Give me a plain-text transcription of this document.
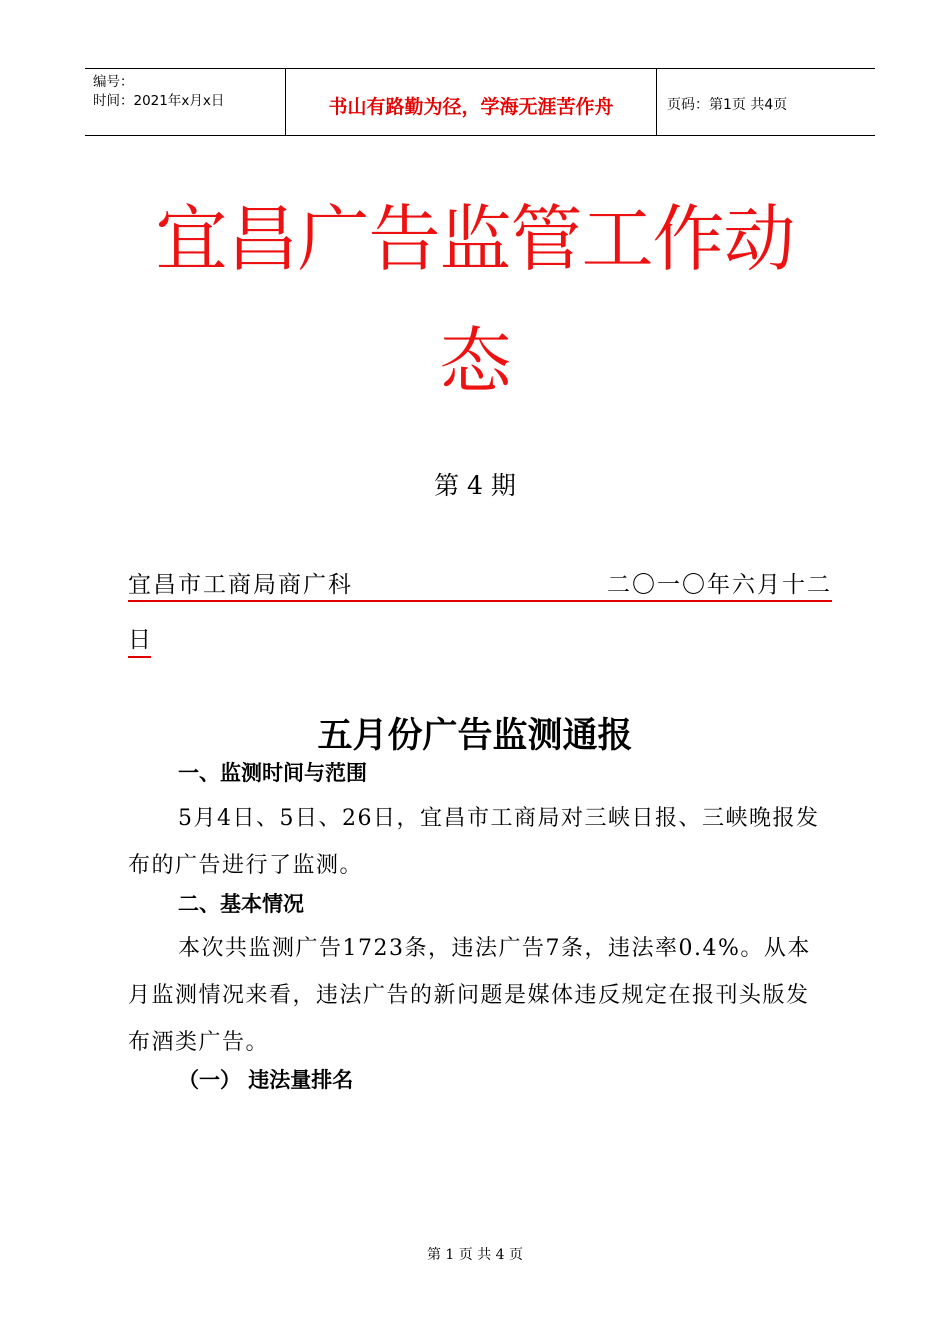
编号：
时间：2021年x月x日	书山有路勤为径，学海无涯苦作舟	页码：第1页 共4页
宜昌广告监管工作动
态
第 4 期
宜昌市工商局商广科	二〇一〇年六月十二
日
五月份广告监测通报
一、监测时间与范围
5月4日、5日、26日，宜昌市工商局对三峡日报、三峡晚报发布的广告进行了监测。
二、基本情况
本次共监测广告1723条，违法广告7条，违法率0.4%。从本月监测情况来看，违法广告的新问题是媒体违反规定在报刊头版发布酒类广告。
（一） 违法量排名
第 1 页 共 4 页
